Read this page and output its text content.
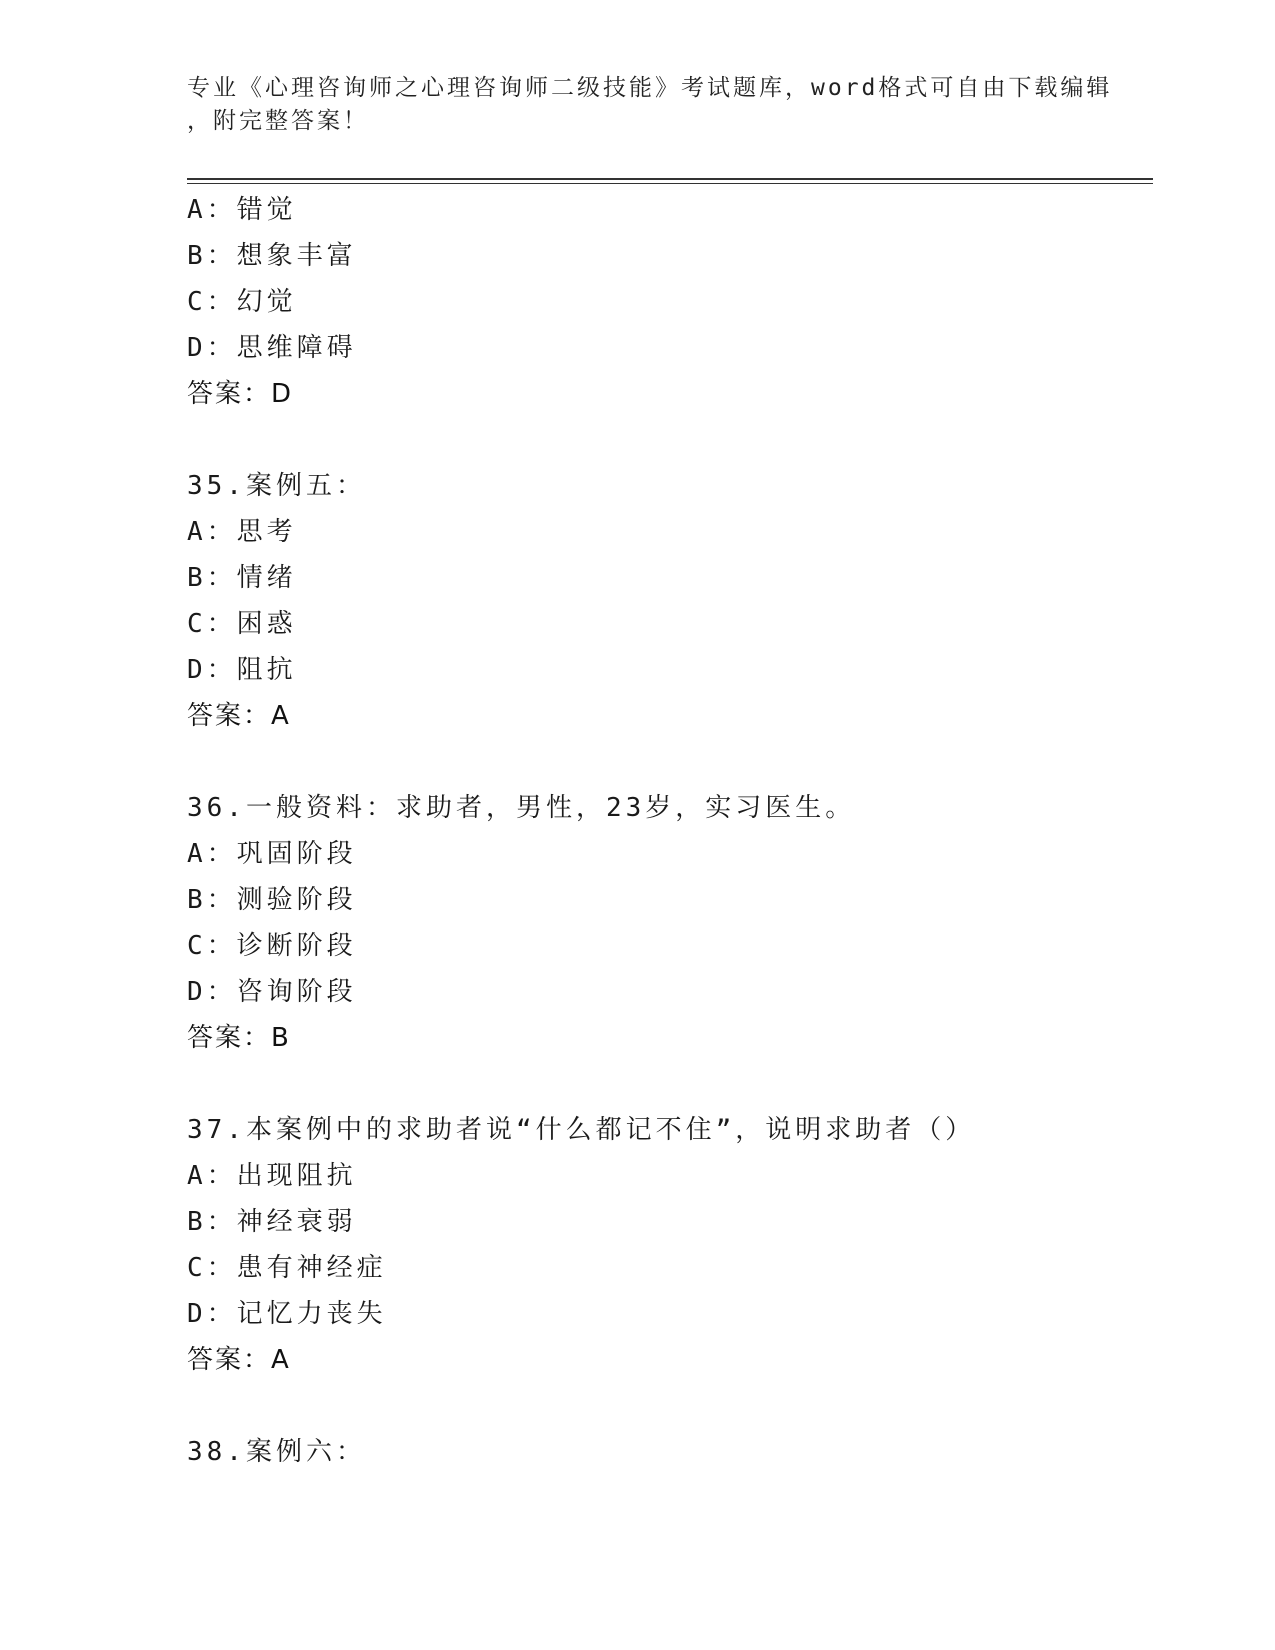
专业《心理咨询师之心理咨询师二级技能》考试题库，word格式可自由下载编辑
，附完整答案！
A：错觉
B：想象丰富
C：幻觉
D：思维障碍
答案：D
35.案例五：
A：思考
B：情绪
C：困惑
D：阻抗
答案：A
36.一般资料：求助者，男性，23岁，实习医生。
A：巩固阶段
B：测验阶段
C：诊断阶段
D：咨询阶段
答案：B
37.本案例中的求助者说“什么都记不住”，说明求助者（）
A：出现阻抗
B：神经衰弱
C：患有神经症
D：记忆力丧失
答案：A
38.案例六：
